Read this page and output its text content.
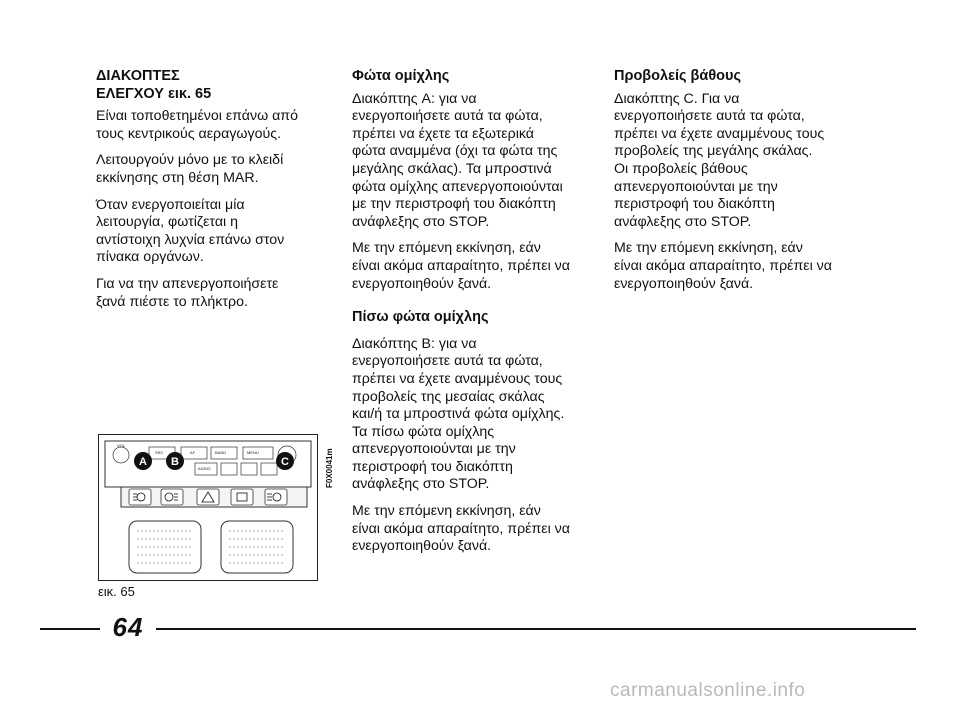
ΔΙΑΚΟΠΤΕΣ
ΕΛΕΓΧΟΥ εικ. 65

Είναι τοποθετημένοι επάνω από
τους κεντρικούς αεραγωγούς.

Λειτουργούν μόνο με το κλειδί
εκκίνησης στη θέση MAR.

Όταν ενεργοποιείται μία
λειτουργία, φωτίζεται η
αντίστοιχη λυχνία επάνω στον
πίνακα οργάνων.

Για να την απενεργοποιήσετε
ξανά πιέστε το πλήκτρο.

Φώτα ομίχλης

Διακόπτης A: για να
ενεργοποιήσετε αυτά τα φώτα,
πρέπει να έχετε τα εξωτερικά
φώτα αναμμένα (όχι τα φώτα της
μεγάλης σκάλας). Τα μπροστινά
φώτα ομίχλης απενεργοποιούνται
με την περιστροφή του διακόπτη
ανάφλεξης στο STOP.

Με την επόμενη εκκίνηση, εάν
είναι ακόμα απαραίτητο, πρέπει να
ενεργοποιηθούν ξανά.

Πίσω φώτα ομίχλης

Διακόπτης B: για να
ενεργοποιήσετε αυτά τα φώτα,
πρέπει να έχετε αναμμένους τους
προβολείς της μεσαίας σκάλας
και/ή τα μπροστινά φώτα ομίχλης.
Τα πίσω φώτα ομίχλης
απενεργοποιούνται με την
περιστροφή του διακόπτη
ανάφλεξης στο STOP.

Με την επόμενη εκκίνηση, εάν
είναι ακόμα απαραίτητο, πρέπει να
ενεργοποιηθούν ξανά.

Προβολείς βάθους

Διακόπτης C. Για να
ενεργοποιήσετε αυτά τα φώτα,
πρέπει να έχετε αναμμένους τους
προβολείς της μεγάλης σκάλας.
Οι προβολείς βάθους
απενεργοποιούνται με την
περιστροφή του διακόπτη
ανάφλεξης στο STOP.

Με την επόμενη εκκίνηση, εάν
είναι ακόμα απαραίτητο, πρέπει να
ενεργοποιηθούν ξανά.

VOL
SRC	AF	BAND	MENU
AUDIO
A B	C	F0X0041m
εικ. 65
64
carmanualsonline.info
